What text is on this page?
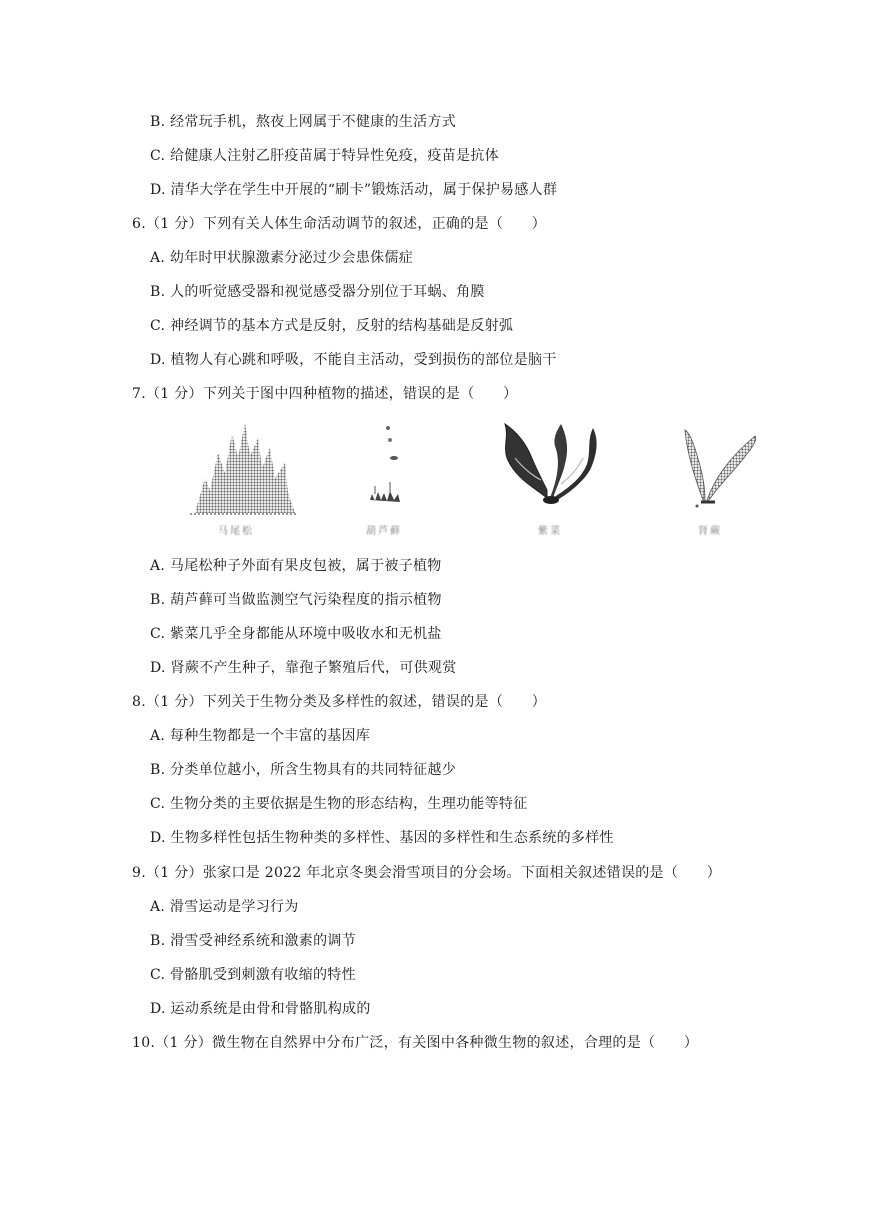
B. 经常玩手机，熬夜上网属于不健康的生活方式
C. 给健康人注射乙肝疫苗属于特异性免疫，疫苗是抗体
D. 清华大学在学生中开展的“刷卡”锻炼活动，属于保护易感人群
6.（1 分）下列有关人体生命活动调节的叙述，正确的是（　　）
A. 幼年时甲状腺激素分泌过少会患侏儒症
B. 人的听觉感受器和视觉感受器分别位于耳蜗、角膜
C. 神经调节的基本方式是反射，反射的结构基础是反射弧
D. 植物人有心跳和呼吸，不能自主活动，受到损伤的部位是脑干
7.（1 分）下列关于图中四种植物的描述，错误的是（　　）
马尾松	葫芦藓	紫菜	肾蕨
A. 马尾松种子外面有果皮包被，属于被子植物
B. 葫芦藓可当做监测空气污染程度的指示植物
C. 紫菜几乎全身都能从环境中吸收水和无机盐
D. 肾蕨不产生种子，靠孢子繁殖后代，可供观赏
8.（1 分）下列关于生物分类及多样性的叙述，错误的是（　　）
A. 每种生物都是一个丰富的基因库
B. 分类单位越小，所含生物具有的共同特征越少
C. 生物分类的主要依据是生物的形态结构，生理功能等特征
D. 生物多样性包括生物种类的多样性、基因的多样性和生态系统的多样性
9.（1 分）张家口是 2022 年北京冬奥会滑雪项目的分会场。下面相关叙述错误的是（　　）
A. 滑雪运动是学习行为
B. 滑雪受神经系统和激素的调节
C. 骨骼肌受到刺激有收缩的特性
D. 运动系统是由骨和骨骼肌构成的
10.（1 分）微生物在自然界中分布广泛，有关图中各种微生物的叙述，合理的是（　　）
